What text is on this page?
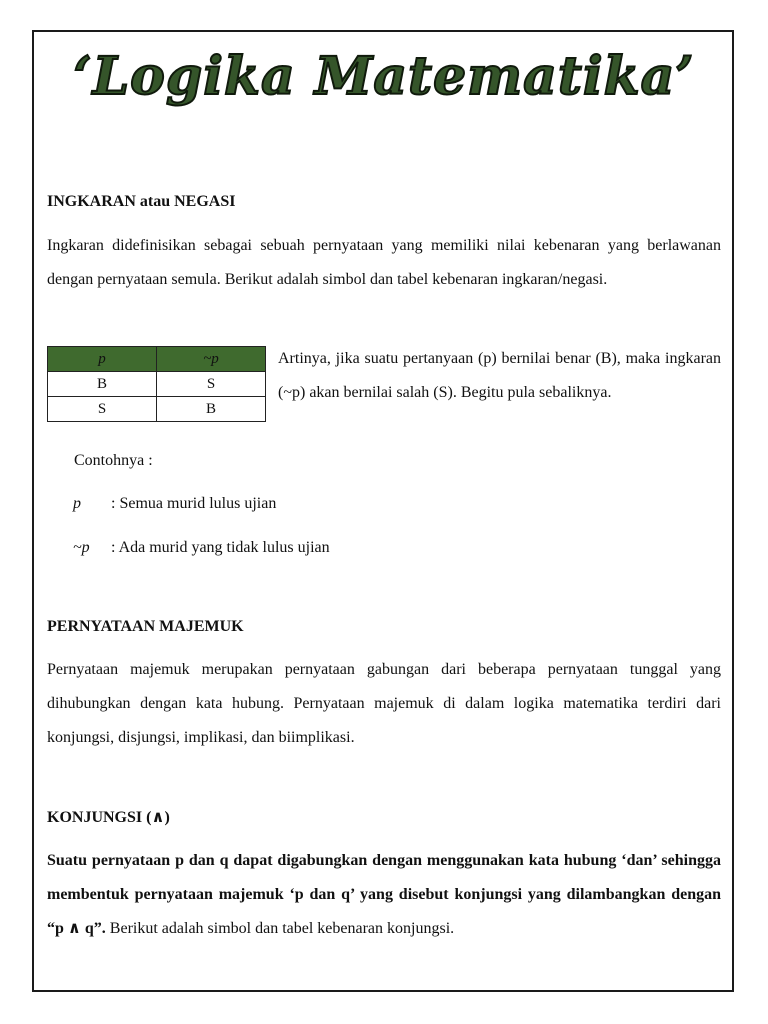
‘Logika Matematika’
INGKARAN atau NEGASI
Ingkaran didefinisikan sebagai sebuah pernyataan yang memiliki nilai kebenaran yang berlawanan dengan pernyataan semula. Berikut adalah simbol dan tabel kebenaran ingkaran/negasi.
p	~p
B	S
S	B
Artinya, jika suatu pertanyaan (p) bernilai benar (B), maka ingkaran (~p) akan bernilai salah (S). Begitu pula sebaliknya.
Contohnya :
p : Semua murid lulus ujian
~p : Ada murid yang tidak lulus ujian
PERNYATAAN MAJEMUK
Pernyataan majemuk merupakan pernyataan gabungan dari beberapa pernyataan tunggal yang dihubungkan dengan kata hubung. Pernyataan majemuk di dalam logika matematika terdiri dari konjungsi, disjungsi, implikasi, dan biimplikasi.
KONJUNGSI (∧)
Suatu pernyataan p dan q dapat digabungkan dengan menggunakan kata hubung ‘dan’ sehingga membentuk pernyataan majemuk ‘p dan q’ yang disebut konjungsi yang dilambangkan dengan “p ∧ q”. Berikut adalah simbol dan tabel kebenaran konjungsi.
